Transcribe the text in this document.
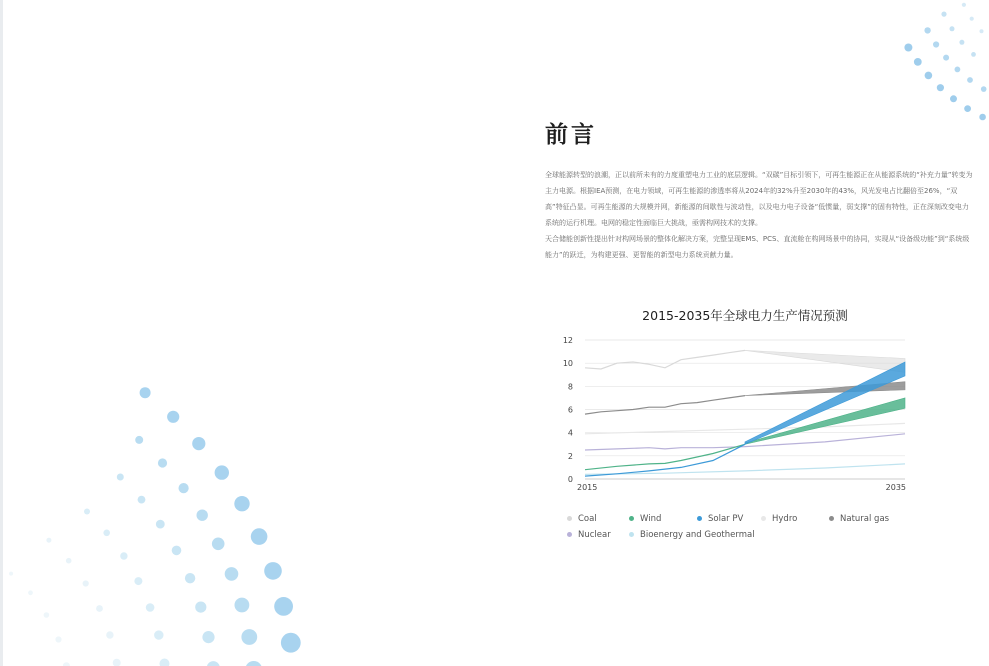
前言

全球能源转型的浪潮，正以前所未有的力度重塑电力工业的底层逻辑。“双碳”目标引领下，可再生能源正在从能源系统的“补充力量”转变为主力电源。根据IEA预测，在电力领域，可再生能源的渗透率将从2024年的32%升至2030年的43%，风光发电占比翻倍至26%，“双高”特征凸显。可再生能源的大规模并网，新能源的间歇性与波动性，以及电力电子设备“低惯量，弱支撑”的固有特性，正在深刻改变电力系统的运行机理。电网的稳定性面临巨大挑战，亟需构网技术的支撑。

天合储能创新性提出针对构网场景的整体化解决方案，完整呈现EMS、PCS、直流舱在构网场景中的协同，实现从“设备级功能”到“系统级能力”的跃迁，为构建更强、更智能的新型电力系统贡献力量。

2015-2035年全球电力生产情况预测
0
2
4
6
8
10
12
2015	2035
Coal	Wind	Solar PV	Hydro	Natural gas
Nuclear	Bioenergy and Geothermal
